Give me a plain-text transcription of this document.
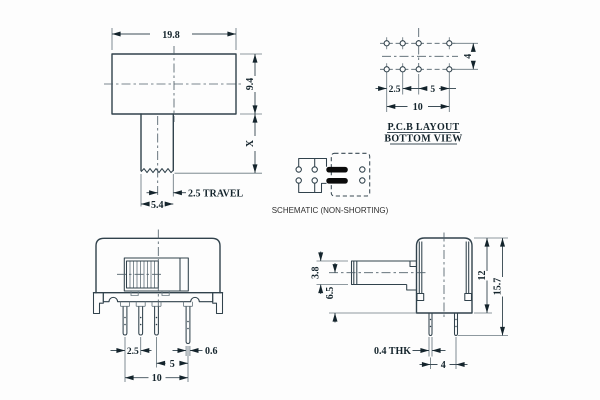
19.8
9.4
X
2.5 TRAVEL
5.4
4
2.5	5
10
P.C.B LAYOUT
BOTTOM VIEW
SCHEMATIC (NON-SHORTING)
2.5	0.6
5
10
3.8
6.5
0.4 THK
4
12
15.7
